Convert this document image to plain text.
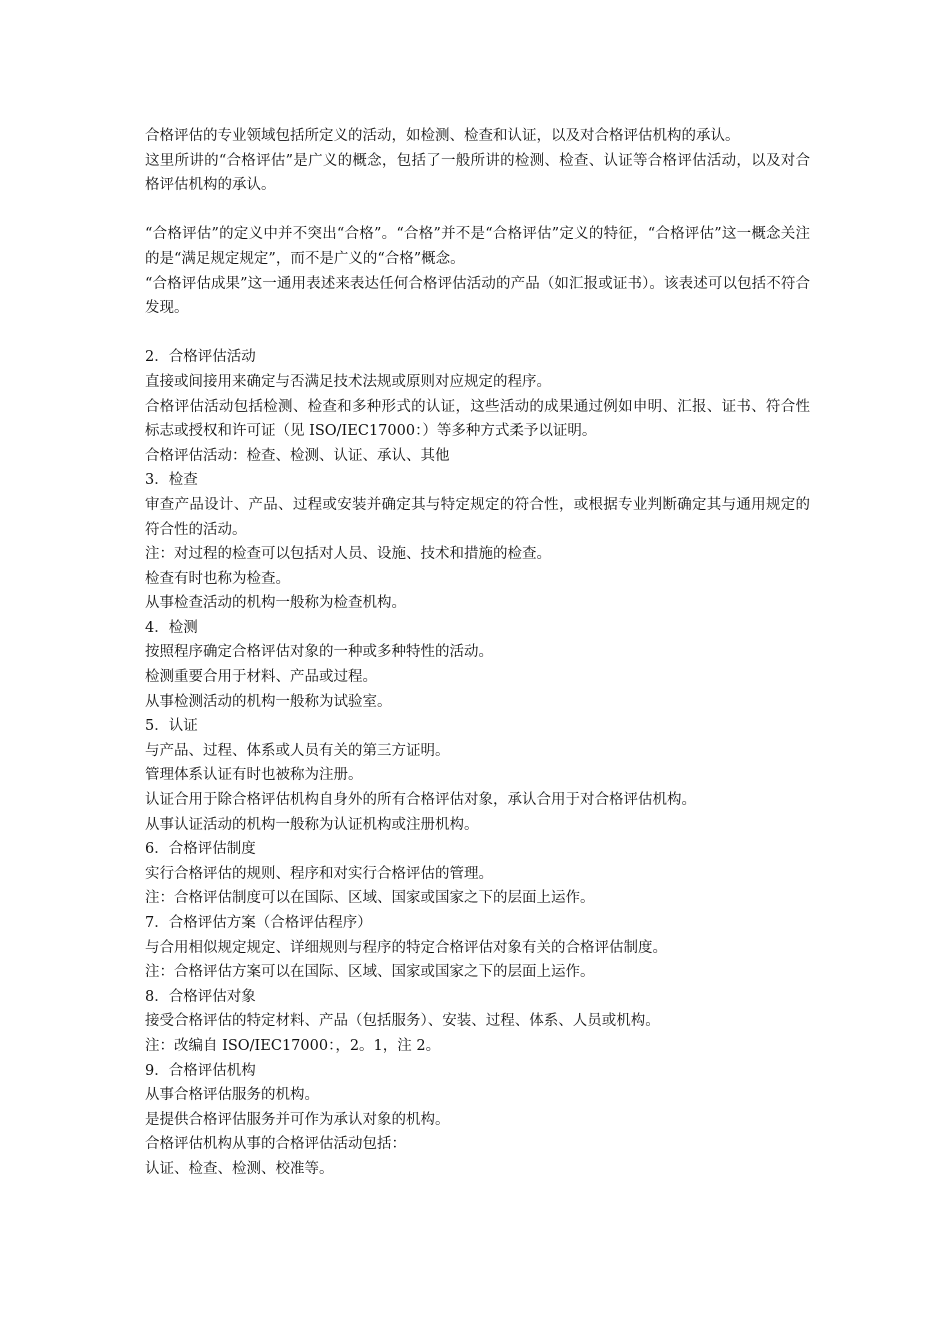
合格评估的专业领域包括所定义的活动，如检测、检查和认证，以及对合格评估机构的承认。

这里所讲的“合格评估”是广义的概念，包括了一般所讲的检测、检查、认证等合格评估活动，以及对合格评估机构的承认。

“合格评估”的定义中并不突出“合格”。“合格”并不是“合格评估”定义的特征，“合格评估”这一概念关注的是“满足规定规定”，而不是广义的“合格”概念。

“合格评估成果”这一通用表述来表达任何合格评估活动的产品（如汇报或证书）。该表述可以包括不符合发现。

2．合格评估活动

直接或间接用来确定与否满足技术法规或原则对应规定的程序。

合格评估活动包括检测、检查和多种形式的认证，这些活动的成果通过例如申明、汇报、证书、符合性标志或授权和许可证（见 ISO/IEC17000：）等多种方式柔予以证明。

合格评估活动：检查、检测、认证、承认、其他

3．检查

审查产品设计、产品、过程或安装并确定其与特定规定的符合性，或根据专业判断确定其与通用规定的符合性的活动。

注：对过程的检查可以包括对人员、设施、技术和措施的检查。

检查有时也称为检查。

从事检查活动的机构一般称为检查机构。

4．检测

按照程序确定合格评估对象的一种或多种特性的活动。

检测重要合用于材料、产品或过程。

从事检测活动的机构一般称为试验室。

5．认证

与产品、过程、体系或人员有关的第三方证明。

管理体系认证有时也被称为注册。

认证合用于除合格评估机构自身外的所有合格评估对象，承认合用于对合格评估机构。

从事认证活动的机构一般称为认证机构或注册机构。

6．合格评估制度

实行合格评估的规则、程序和对实行合格评估的管理。

注：合格评估制度可以在国际、区域、国家或国家之下的层面上运作。

7．合格评估方案（合格评估程序）

与合用相似规定规定、详细规则与程序的特定合格评估对象有关的合格评估制度。

注：合格评估方案可以在国际、区域、国家或国家之下的层面上运作。

8．合格评估对象

接受合格评估的特定材料、产品（包括服务）、安装、过程、体系、人员或机构。

注：改编自 ISO/IEC17000：，2。1，注 2。

9．合格评估机构

从事合格评估服务的机构。

是提供合格评估服务并可作为承认对象的机构。

合格评估机构从事的合格评估活动包括：

认证、检查、检测、校准等。
